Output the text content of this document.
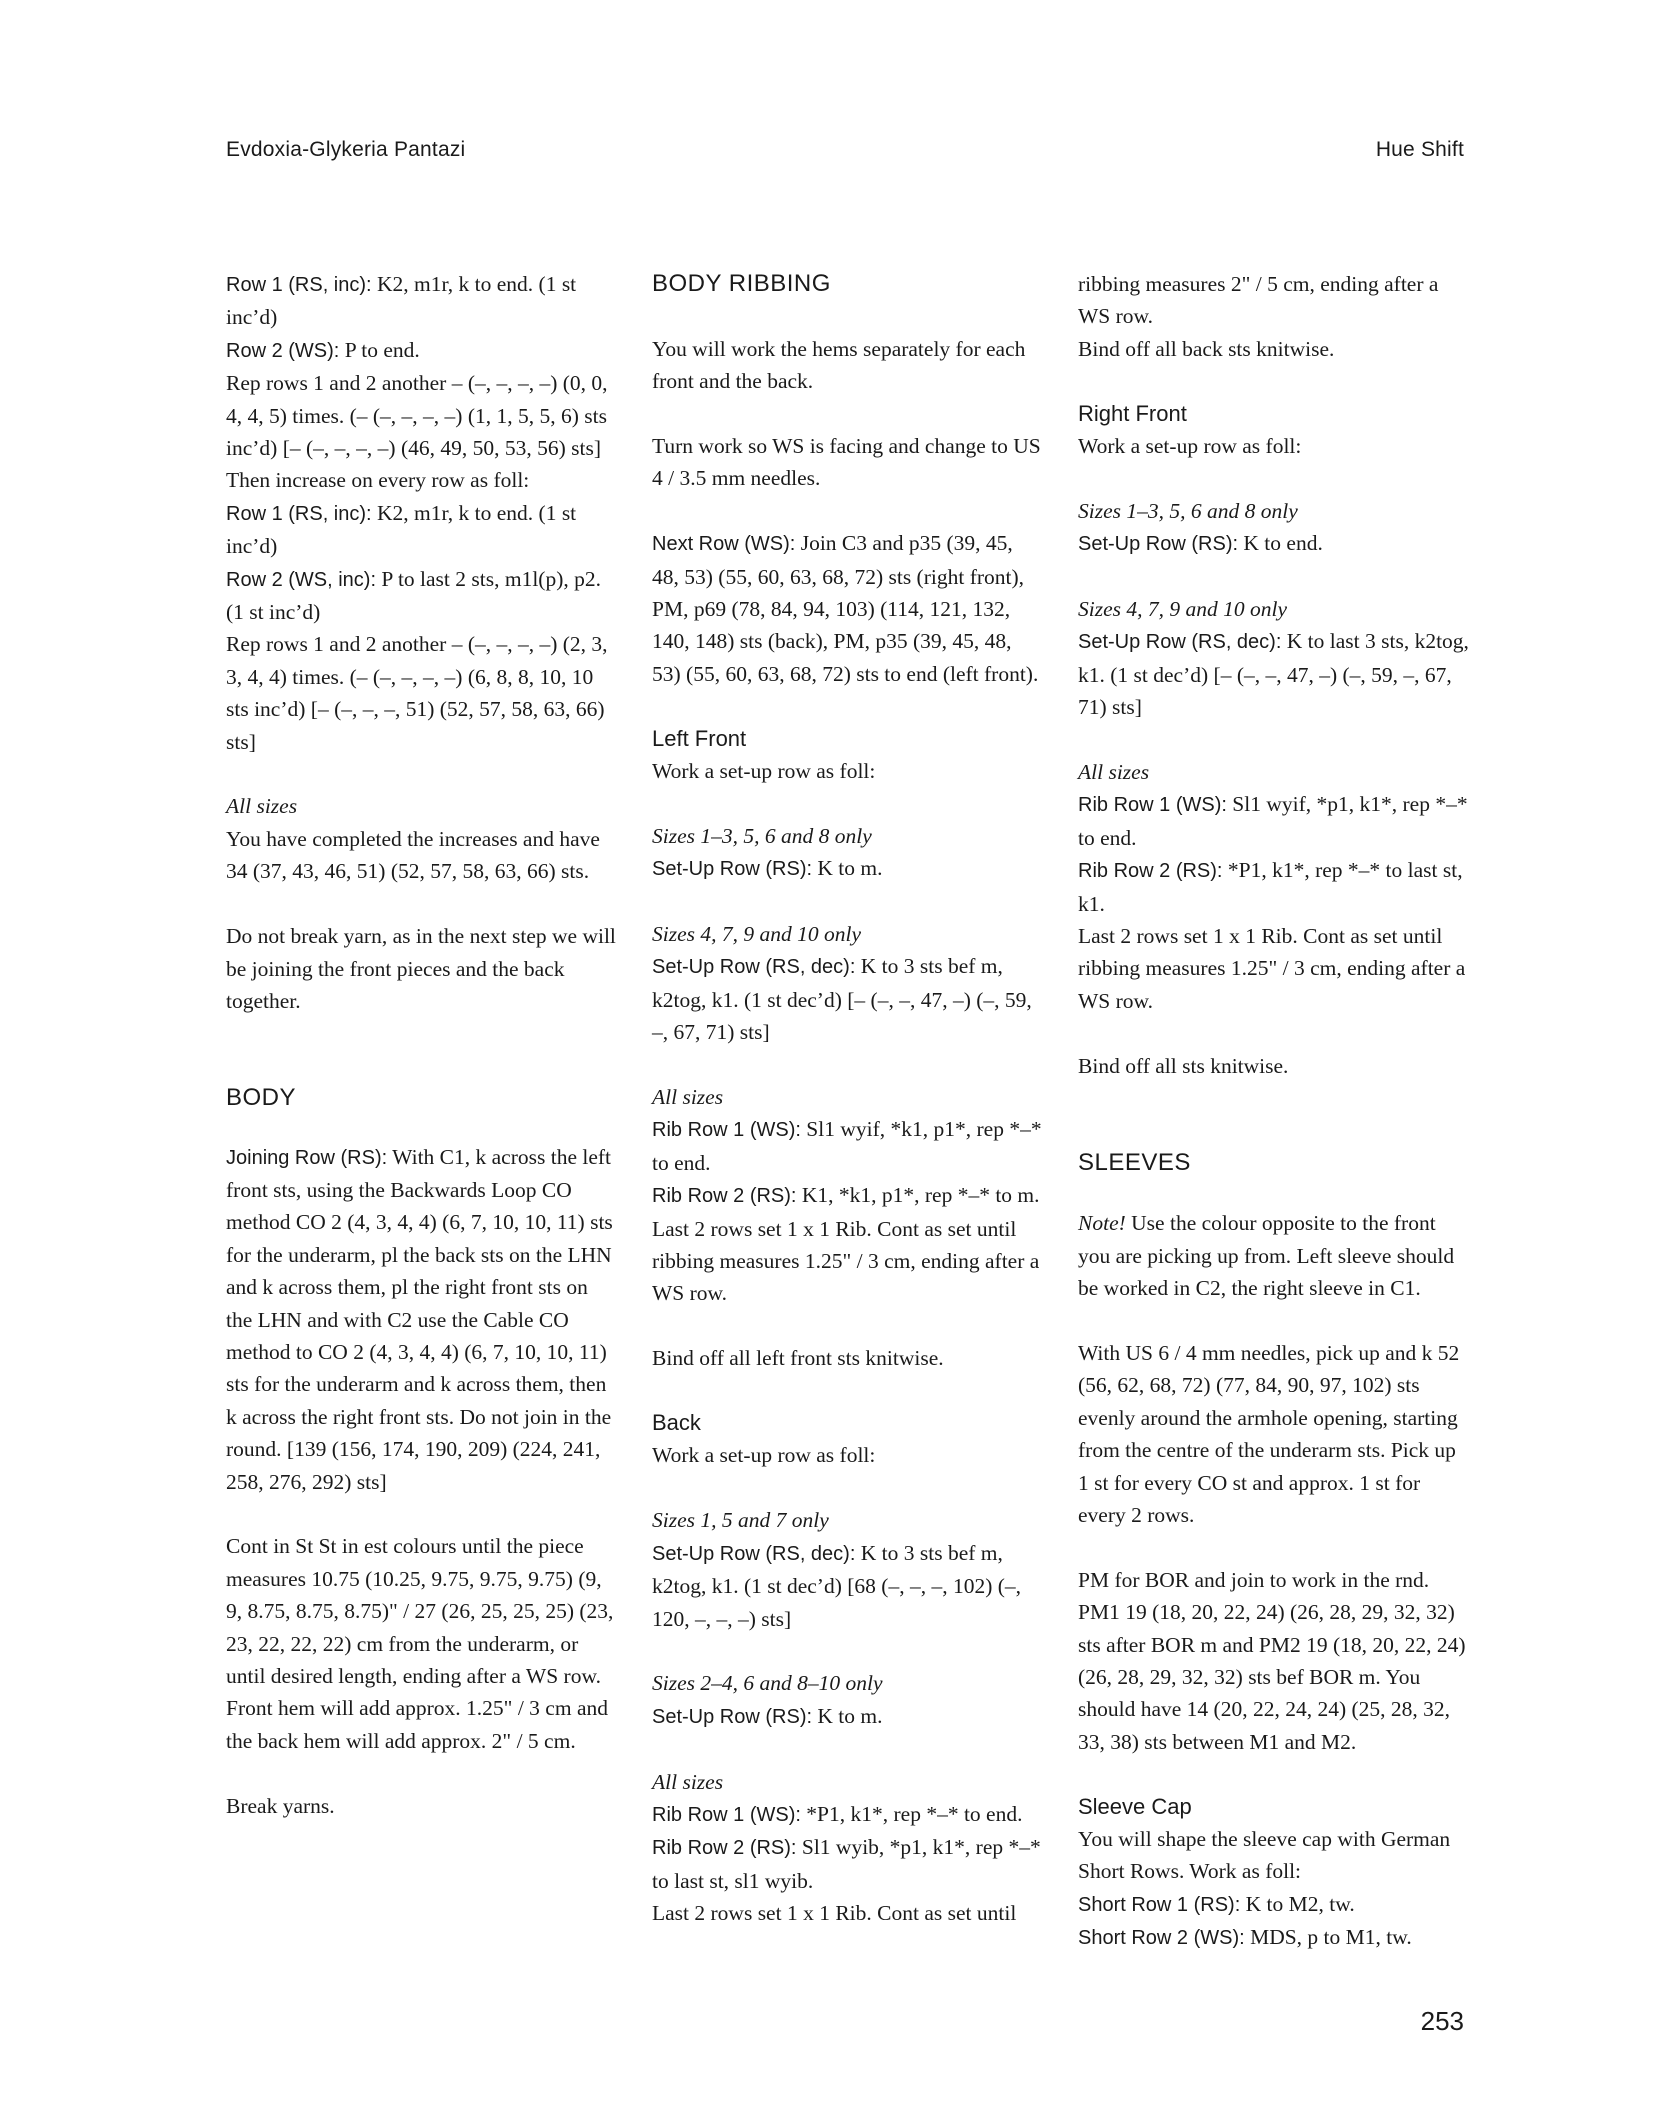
Evdoxia-Glykeria Pantazi	Hue Shift

Row 1 (RS, inc): K2, m1r, k to end. (1 st inc’d)

Row 2 (WS): P to end.

Rep rows 1 and 2 another – (–, –, –, –) (0, 0, 4, 4, 5) times. (– (–, –, –, –) (1, 1, 5, 5, 6) sts inc’d) [– (–, –, –, –) (46, 49, 50, 53, 56) sts]

Then increase on every row as foll:

Row 1 (RS, inc): K2, m1r, k to end. (1 st inc’d)

Row 2 (WS, inc): P to last 2 sts, m1l(p), p2. (1 st inc’d)

Rep rows 1 and 2 another – (–, –, –, –) (2, 3, 3, 4, 4) times. (– (–, –, –, –) (6, 8, 8, 10, 10 sts inc’d) [– (–, –, –, 51) (52, 57, 58, 63, 66) sts]

All sizes

You have completed the increases and have 34 (37, 43, 46, 51) (52, 57, 58, 63, 66) sts.

Do not break yarn, as in the next step we will be joining the front pieces and the back together.

BODY

Joining Row (RS): With C1, k across the left front sts, using the Backwards Loop CO method CO 2 (4, 3, 4, 4) (6, 7, 10, 10, 11) sts for the underarm, pl the back sts on the LHN and k across them, pl the right front sts on the LHN and with C2 use the Cable CO method to CO 2 (4, 3, 4, 4) (6, 7, 10, 10, 11) sts for the underarm and k across them, then k across the right front sts. Do not join in the round. [139 (156, 174, 190, 209) (224, 241, 258, 276, 292) sts]

Cont in St St in est colours until the piece measures 10.75 (10.25, 9.75, 9.75, 9.75) (9, 9, 8.75, 8.75, 8.75)" / 27 (26, 25, 25, 25) (23, 23, 22, 22, 22) cm from the underarm, or until desired length, ending after a WS row. Front hem will add approx. 1.25" / 3 cm and the back hem will add approx. 2" / 5 cm.

Break yarns.

BODY RIBBING

You will work the hems separately for each front and the back.

Turn work so WS is facing and change to US 4 / 3.5 mm needles.

Next Row (WS): Join C3 and p35 (39, 45, 48, 53) (55, 60, 63, 68, 72) sts (right front), PM, p69 (78, 84, 94, 103) (114, 121, 132, 140, 148) sts (back), PM, p35 (39, 45, 48, 53) (55, 60, 63, 68, 72) sts to end (left front).

Left Front

Work a set-up row as foll:

Sizes 1–3, 5, 6 and 8 only

Set-Up Row (RS): K to m.

Sizes 4, 7, 9 and 10 only

Set-Up Row (RS, dec): K to 3 sts bef m, k2tog, k1. (1 st dec’d) [– (–, –, 47, –) (–, 59, –, 67, 71) sts]

All sizes

Rib Row 1 (WS): Sl1 wyif, *k1, p1*, rep *–* to end.

Rib Row 2 (RS): K1, *k1, p1*, rep *–* to m.

Last 2 rows set 1 x 1 Rib. Cont as set until ribbing measures 1.25" / 3 cm, ending after a WS row.

Bind off all left front sts knitwise.

Back

Work a set-up row as foll:

Sizes 1, 5 and 7 only

Set-Up Row (RS, dec): K to 3 sts bef m, k2tog, k1. (1 st dec’d) [68 (–, –, –, 102) (–, 120, –, –, –) sts]

Sizes 2–4, 6 and 8–10 only

Set-Up Row (RS): K to m.

All sizes

Rib Row 1 (WS): *P1, k1*, rep *–* to end.

Rib Row 2 (RS): Sl1 wyib, *p1, k1*, rep *–* to last st, sl1 wyib.

Last 2 rows set 1 x 1 Rib. Cont as set until

ribbing measures 2" / 5 cm, ending after a WS row.

Bind off all back sts knitwise.

Right Front

Work a set-up row as foll:

Sizes 1–3, 5, 6 and 8 only

Set-Up Row (RS): K to end.

Sizes 4, 7, 9 and 10 only

Set-Up Row (RS, dec): K to last 3 sts, k2tog, k1. (1 st dec’d) [– (–, –, 47, –) (–, 59, –, 67, 71) sts]

All sizes

Rib Row 1 (WS): Sl1 wyif, *p1, k1*, rep *–* to end.

Rib Row 2 (RS): *P1, k1*, rep *–* to last st, k1.

Last 2 rows set 1 x 1 Rib. Cont as set until ribbing measures 1.25" / 3 cm, ending after a WS row.

Bind off all sts knitwise.

SLEEVES

Note! Use the colour opposite to the front you are picking up from. Left sleeve should be worked in C2, the right sleeve in C1.

With US 6 / 4 mm needles, pick up and k 52 (56, 62, 68, 72) (77, 84, 90, 97, 102) sts evenly around the armhole opening, starting from the centre of the underarm sts. Pick up 1 st for every CO st and approx. 1 st for every 2 rows.

PM for BOR and join to work in the rnd. PM1 19 (18, 20, 22, 24) (26, 28, 29, 32, 32) sts after BOR m and PM2 19 (18, 20, 22, 24) (26, 28, 29, 32, 32) sts bef BOR m. You should have 14 (20, 22, 24, 24) (25, 28, 32, 33, 38) sts between M1 and M2.

Sleeve Cap

You will shape the sleeve cap with German Short Rows. Work as foll:

Short Row 1 (RS): K to M2, tw.

Short Row 2 (WS): MDS, p to M1, tw.

253
